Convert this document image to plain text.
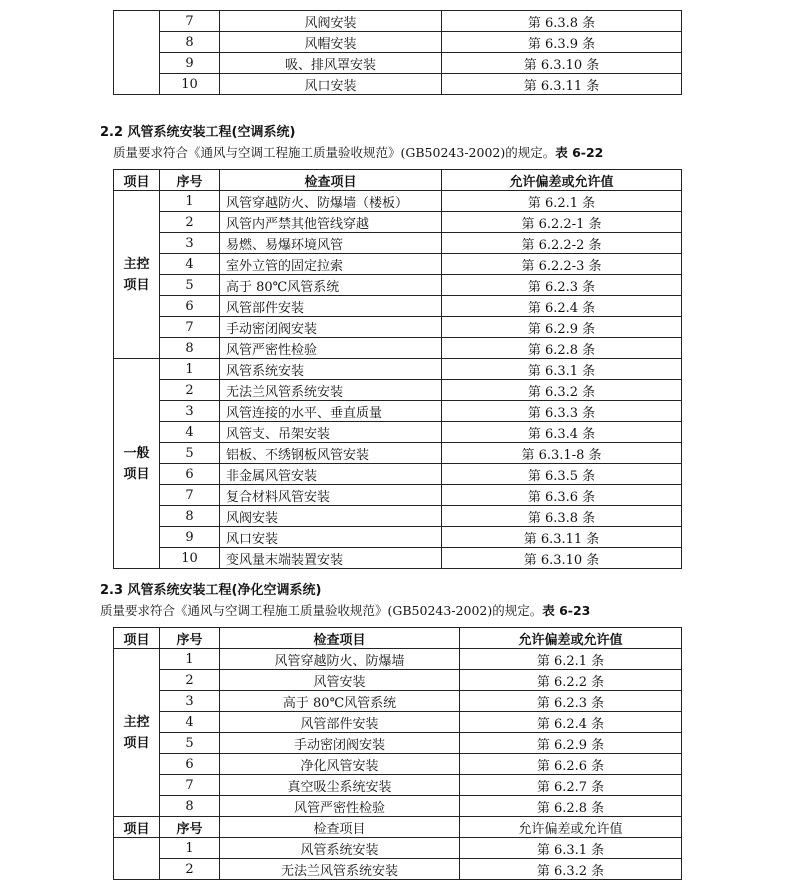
	7	风阀安装	第 6.3.8 条
	8	风帽安装	第 6.3.9 条
	9	吸、排风罩安装	第 6.3.10 条
	10	风口安装	第 6.3.11 条
2.2 风管系统安装工程(空调系统)
质量要求符合《通风与空调工程施工质量验收规范》(GB50243-2002)的规定。表 6-22
项目	序号	检查项目	允许偏差或允许值
主控
项目	1	风管穿越防火、防爆墙（楼板）	第 6.2.1 条
	2	风管内严禁其他管线穿越	第 6.2.2-1 条
	3	易燃、易爆环境风管	第 6.2.2-2 条
	4	室外立管的固定拉索	第 6.2.2-3 条
	5	高于 80℃风管系统	第 6.2.3 条
	6	风管部件安装	第 6.2.4 条
	7	手动密闭阀安装	第 6.2.9 条
	8	风管严密性检验	第 6.2.8 条
一般
项目	1	风管系统安装	第 6.3.1 条
	2	无法兰风管系统安装	第 6.3.2 条
	3	风管连接的水平、垂直质量	第 6.3.3 条
	4	风管支、吊架安装	第 6.3.4 条
	5	铝板、不绣钢板风管安装	第 6.3.1-8 条
	6	非金属风管安装	第 6.3.5 条
	7	复合材料风管安装	第 6.3.6 条
	8	风阀安装	第 6.3.8 条
	9	风口安装	第 6.3.11 条
	10	变风量末端装置安装	第 6.3.10 条
2.3 风管系统安装工程(净化空调系统)
质量要求符合《通风与空调工程施工质量验收规范》(GB50243-2002)的规定。表 6-23
项目	序号	检查项目	允许偏差或允许值
主控
项目	1	风管穿越防火、防爆墙	第 6.2.1 条
	2	风管安装	第 6.2.2 条
	3	高于 80℃风管系统	第 6.2.3 条
	4	风管部件安装	第 6.2.4 条
	5	手动密闭阀安装	第 6.2.9 条
	6	净化风管安装	第 6.2.6 条
	7	真空吸尘系统安装	第 6.2.7 条
	8	风管严密性检验	第 6.2.8 条
项目	序号	检查项目	允许偏差或允许值
	1	风管系统安装	第 6.3.1 条
	2	无法兰风管系统安装	第 6.3.2 条
